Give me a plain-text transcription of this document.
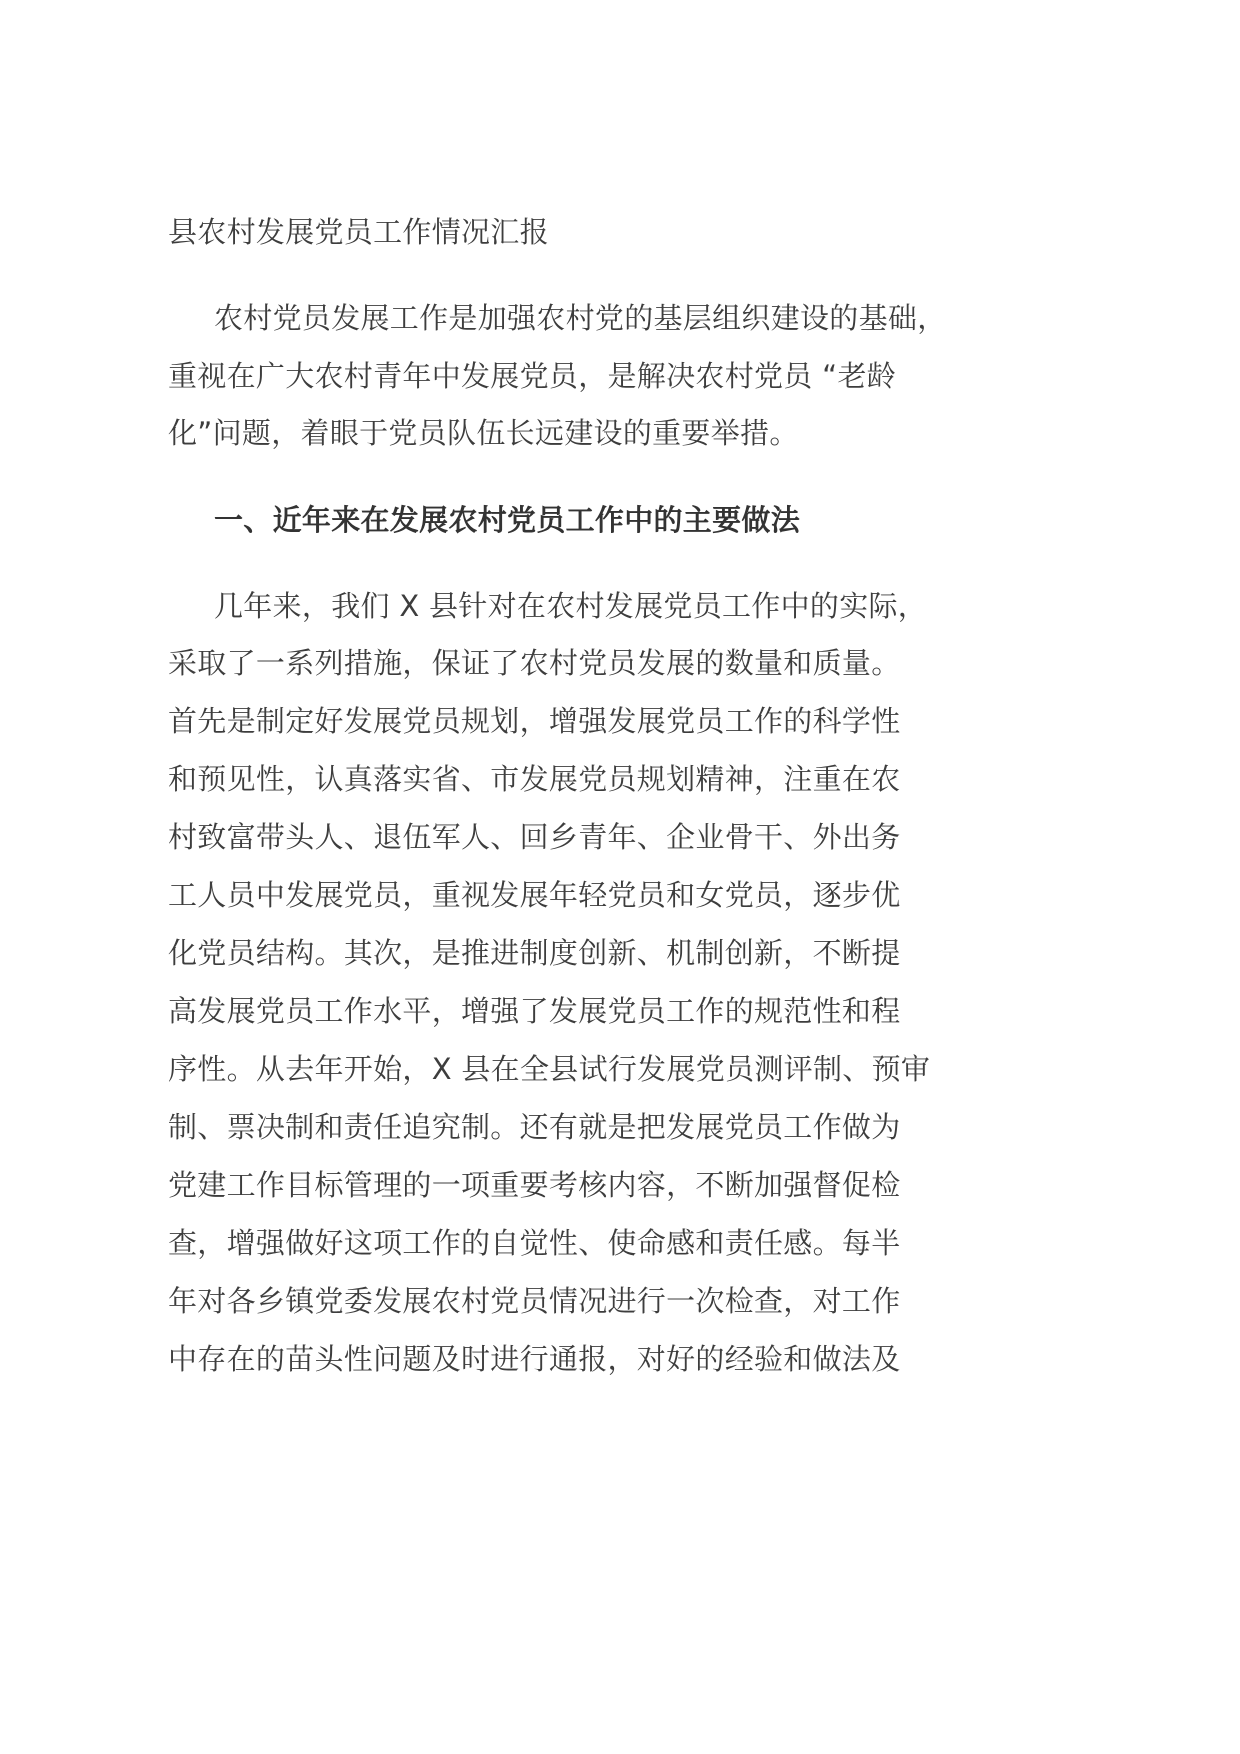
县农村发展党员工作情况汇报
农村党员发展工作是加强农村党的基层组织建设的基础，
重视在广大农村青年中发展党员，是解决农村党员 “老龄
化”问题，着眼于党员队伍长远建设的重要举措。
一、近年来在发展农村党员工作中的主要做法
几年来，我们 X 县针对在农村发展党员工作中的实际，
采取了一系列措施，保证了农村党员发展的数量和质量。
首先是制定好发展党员规划，增强发展党员工作的科学性
和预见性，认真落实省、市发展党员规划精神，注重在农
村致富带头人、退伍军人、回乡青年、企业骨干、外出务
工人员中发展党员，重视发展年轻党员和女党员，逐步优
化党员结构。其次，是推进制度创新、机制创新，不断提
高发展党员工作水平，增强了发展党员工作的规范性和程
序性。从去年开始，X 县在全县试行发展党员测评制、预审
制、票决制和责任追究制。还有就是把发展党员工作做为
党建工作目标管理的一项重要考核内容，不断加强督促检
查，增强做好这项工作的自觉性、使命感和责任感。每半
年对各乡镇党委发展农村党员情况进行一次检查，对工作
中存在的苗头性问题及时进行通报，对好的经验和做法及
